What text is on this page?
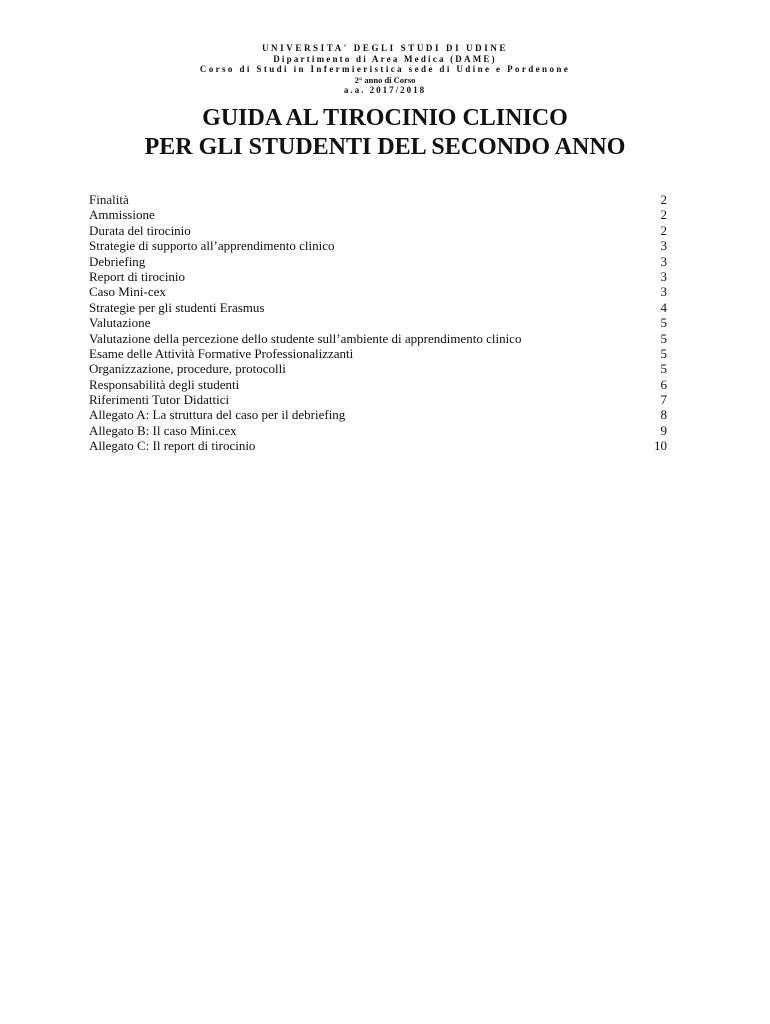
UNIVERSITA' DEGLI STUDI DI UDINE
Dipartimento di Area Medica (DAME)
Corso di Studi in Infermieristica sede di Udine e Pordenone
2° anno di Corso
a.a. 2017/2018
GUIDA AL TIROCINIO CLINICO
PER GLI STUDENTI DEL SECONDO ANNO
Finalità	2
Ammissione	2
Durata del tirocinio	2
Strategie di supporto all’apprendimento clinico	3
Debriefing	3
Report di tirocinio	3
Caso Mini-cex	3
Strategie per gli studenti Erasmus	4
Valutazione	5
Valutazione della percezione dello studente sull’ambiente di apprendimento clinico	5
Esame delle Attività Formative Professionalizzanti	5
Organizzazione, procedure, protocolli	5
Responsabilità degli studenti	6
Riferimenti Tutor Didattici	7
Allegato A: La struttura del caso per il debriefing	8
Allegato B: Il caso Mini.cex	9
Allegato C: Il report di tirocinio	10
